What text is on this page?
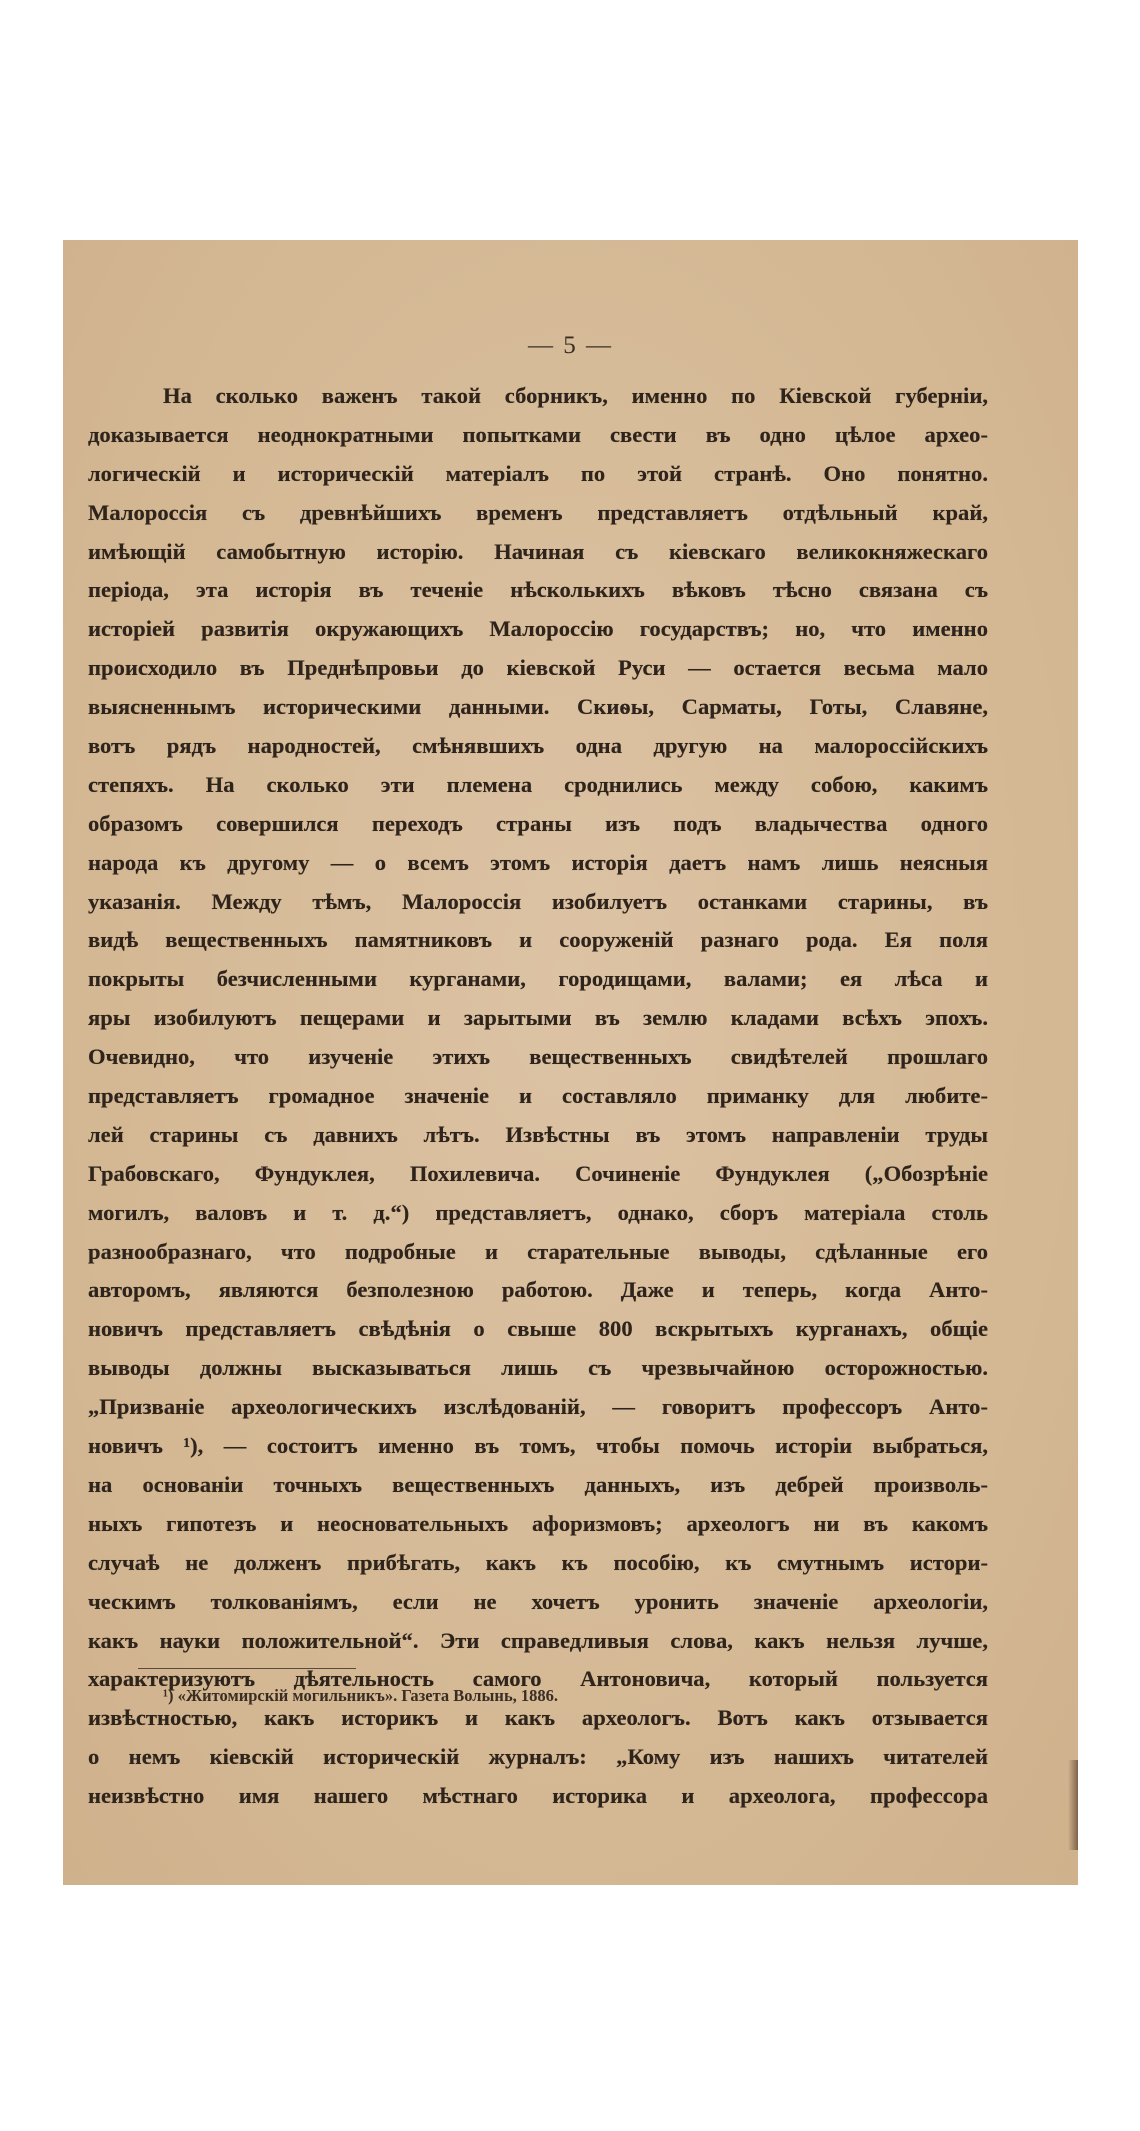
— 5 —
На сколько важенъ такой сборникъ, именно по Кіевской губерніи,
доказывается неоднократными попытками свести въ одно цѣлое архео-
логическій и историческій матеріалъ по этой странѣ. Оно понятно.
Малороссія съ древнѣйшихъ временъ представляетъ отдѣльный край,
имѣющій самобытную исторію. Начиная съ кіевскаго великокняжескаго
періода, эта исторія въ теченіе нѣсколькихъ вѣковъ тѣсно связана съ
исторіей развитія окружающихъ Малороссію государствъ; но, что именно
происходило въ Преднѣпровьи до кіевской Руси — остается весьма мало
выясненнымъ историческими данными. Скиѳы, Сарматы, Готы, Славяне,
вотъ рядъ народностей, смѣнявшихъ одна другую на малороссійскихъ
степяхъ. На сколько эти племена сроднились между собою, какимъ
образомъ совершился переходъ страны изъ подъ владычества одного
народа къ другому — о всемъ этомъ исторія даетъ намъ лишь неясныя
указанія. Между тѣмъ, Малороссія изобилуетъ останками старины, въ
видѣ вещественныхъ памятниковъ и сооруженій разнаго рода. Ея поля
покрыты безчисленными курганами, городищами, валами; ея лѣса и
яры изобилуютъ пещерами и зарытыми въ землю кладами всѣхъ эпохъ.
Очевидно, что изученіе этихъ вещественныхъ свидѣтелей прошлаго
представляетъ громадное значеніе и составляло приманку для любите-
лей старины съ давнихъ лѣтъ. Извѣстны въ этомъ направленіи труды
Грабовскаго, Фундуклея, Похилевича. Сочиненіе Фундуклея („Обозрѣніе
могилъ, валовъ и т. д.“) представляетъ, однако, сборъ матеріала столь
разнообразнаго, что подробные и старательные выводы, сдѣланные его
авторомъ, являются безполезною работою. Даже и теперь, когда Анто-
новичъ представляетъ свѣдѣнія о свыше 800 вскрытыхъ курганахъ, общіе
выводы должны высказываться лишь съ чрезвычайною осторожностью.
„Призваніе археологическихъ изслѣдованій, — говоритъ профессоръ Анто-
новичъ ¹), — состоитъ именно въ томъ, чтобы помочь исторіи выбраться,
на основаніи точныхъ вещественныхъ данныхъ, изъ дебрей произволь-
ныхъ гипотезъ и неосновательныхъ афоризмовъ; археологъ ни въ какомъ
случаѣ не долженъ прибѣгать, какъ къ пособію, къ смутнымъ истори-
ческимъ толкованіямъ, если не хочетъ уронить значеніе археологіи,
какъ науки положительной“. Эти справедливыя слова, какъ нельзя лучше,
характеризуютъ дѣятельность самого Антоновича, который пользуется
извѣстностью, какъ историкъ и какъ археологъ. Вотъ какъ отзывается
о немъ кіевскій историческій журналъ: „Кому изъ нашихъ читателей
неизвѣстно имя нашего мѣстнаго историка и археолога, профессора
¹) «Житомирскій могильникъ». Газета Волынь, 1886.
